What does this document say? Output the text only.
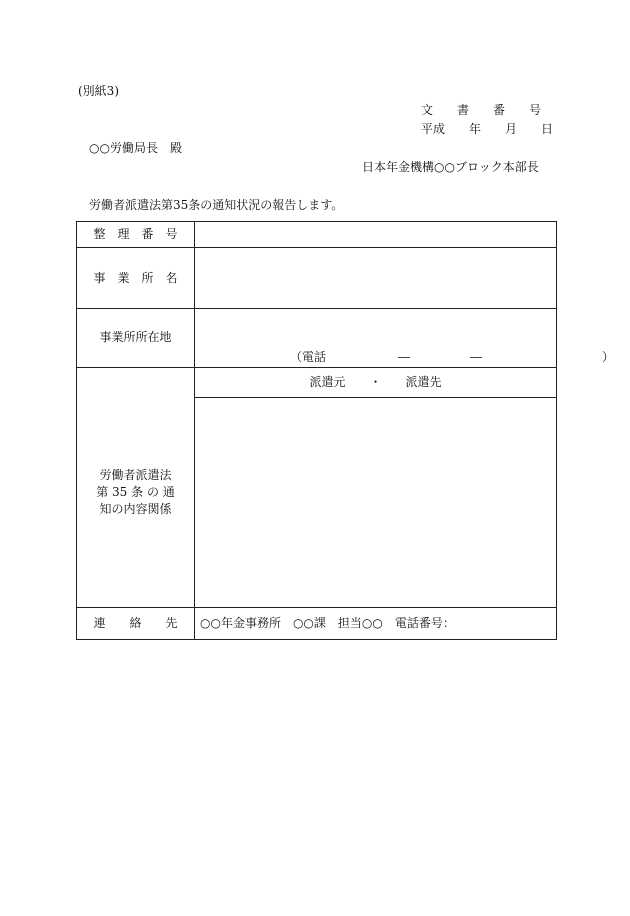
(別紙3)
文　　書　　番　　号
平成　　年　　月　　日
○○労働局長　殿
日本年金機構○○ブロック本部長
労働者派遣法第35条の通知状況の報告します。
整　理　番　号
事　業　所　名
事業所所在地
（電話　　　　　　―　　　　　―　　　　　　　　　　）
労働者派遣法
第 35 条 の 通
知の内容関係
派遣元　　・　　派遣先
連　　絡　　先	○○年金事務所　○○課　担当○○　電話番号：
